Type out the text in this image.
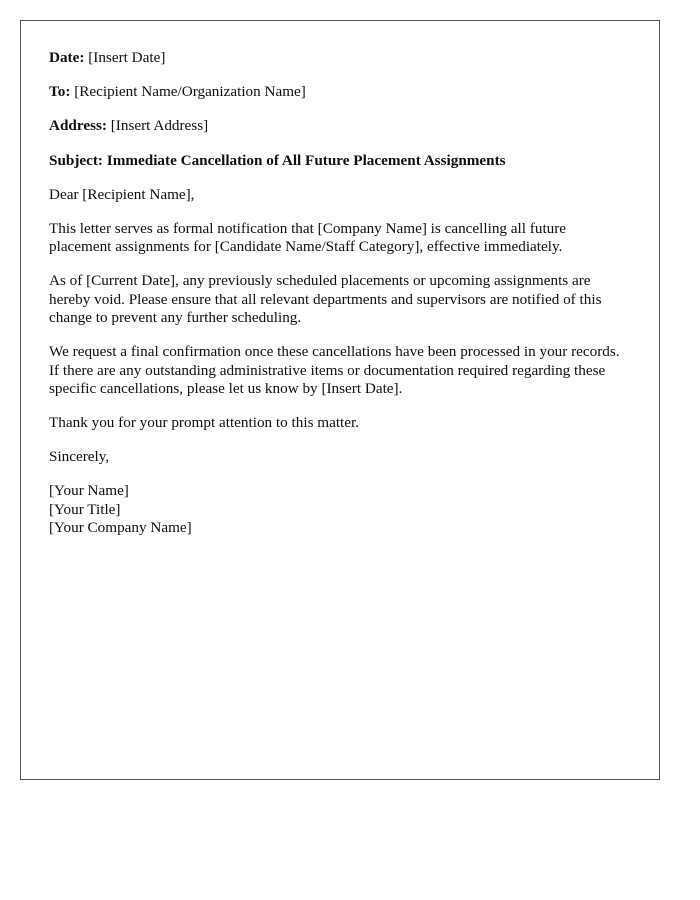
Date: [Insert Date]

To: [Recipient Name/Organization Name]

Address: [Insert Address]

Subject: Immediate Cancellation of All Future Placement Assignments

Dear [Recipient Name],

This letter serves as formal notification that [Company Name] is cancelling all future placement assignments for [Candidate Name/Staff Category], effective immediately.

As of [Current Date], any previously scheduled placements or upcoming assignments are hereby void. Please ensure that all relevant departments and supervisors are notified of this change to prevent any further scheduling.

We request a final confirmation once these cancellations have been processed in your records. If there are any outstanding administrative items or documentation required regarding these specific cancellations, please let us know by [Insert Date].

Thank you for your prompt attention to this matter.

Sincerely,

[Your Name]
[Your Title]
[Your Company Name]
